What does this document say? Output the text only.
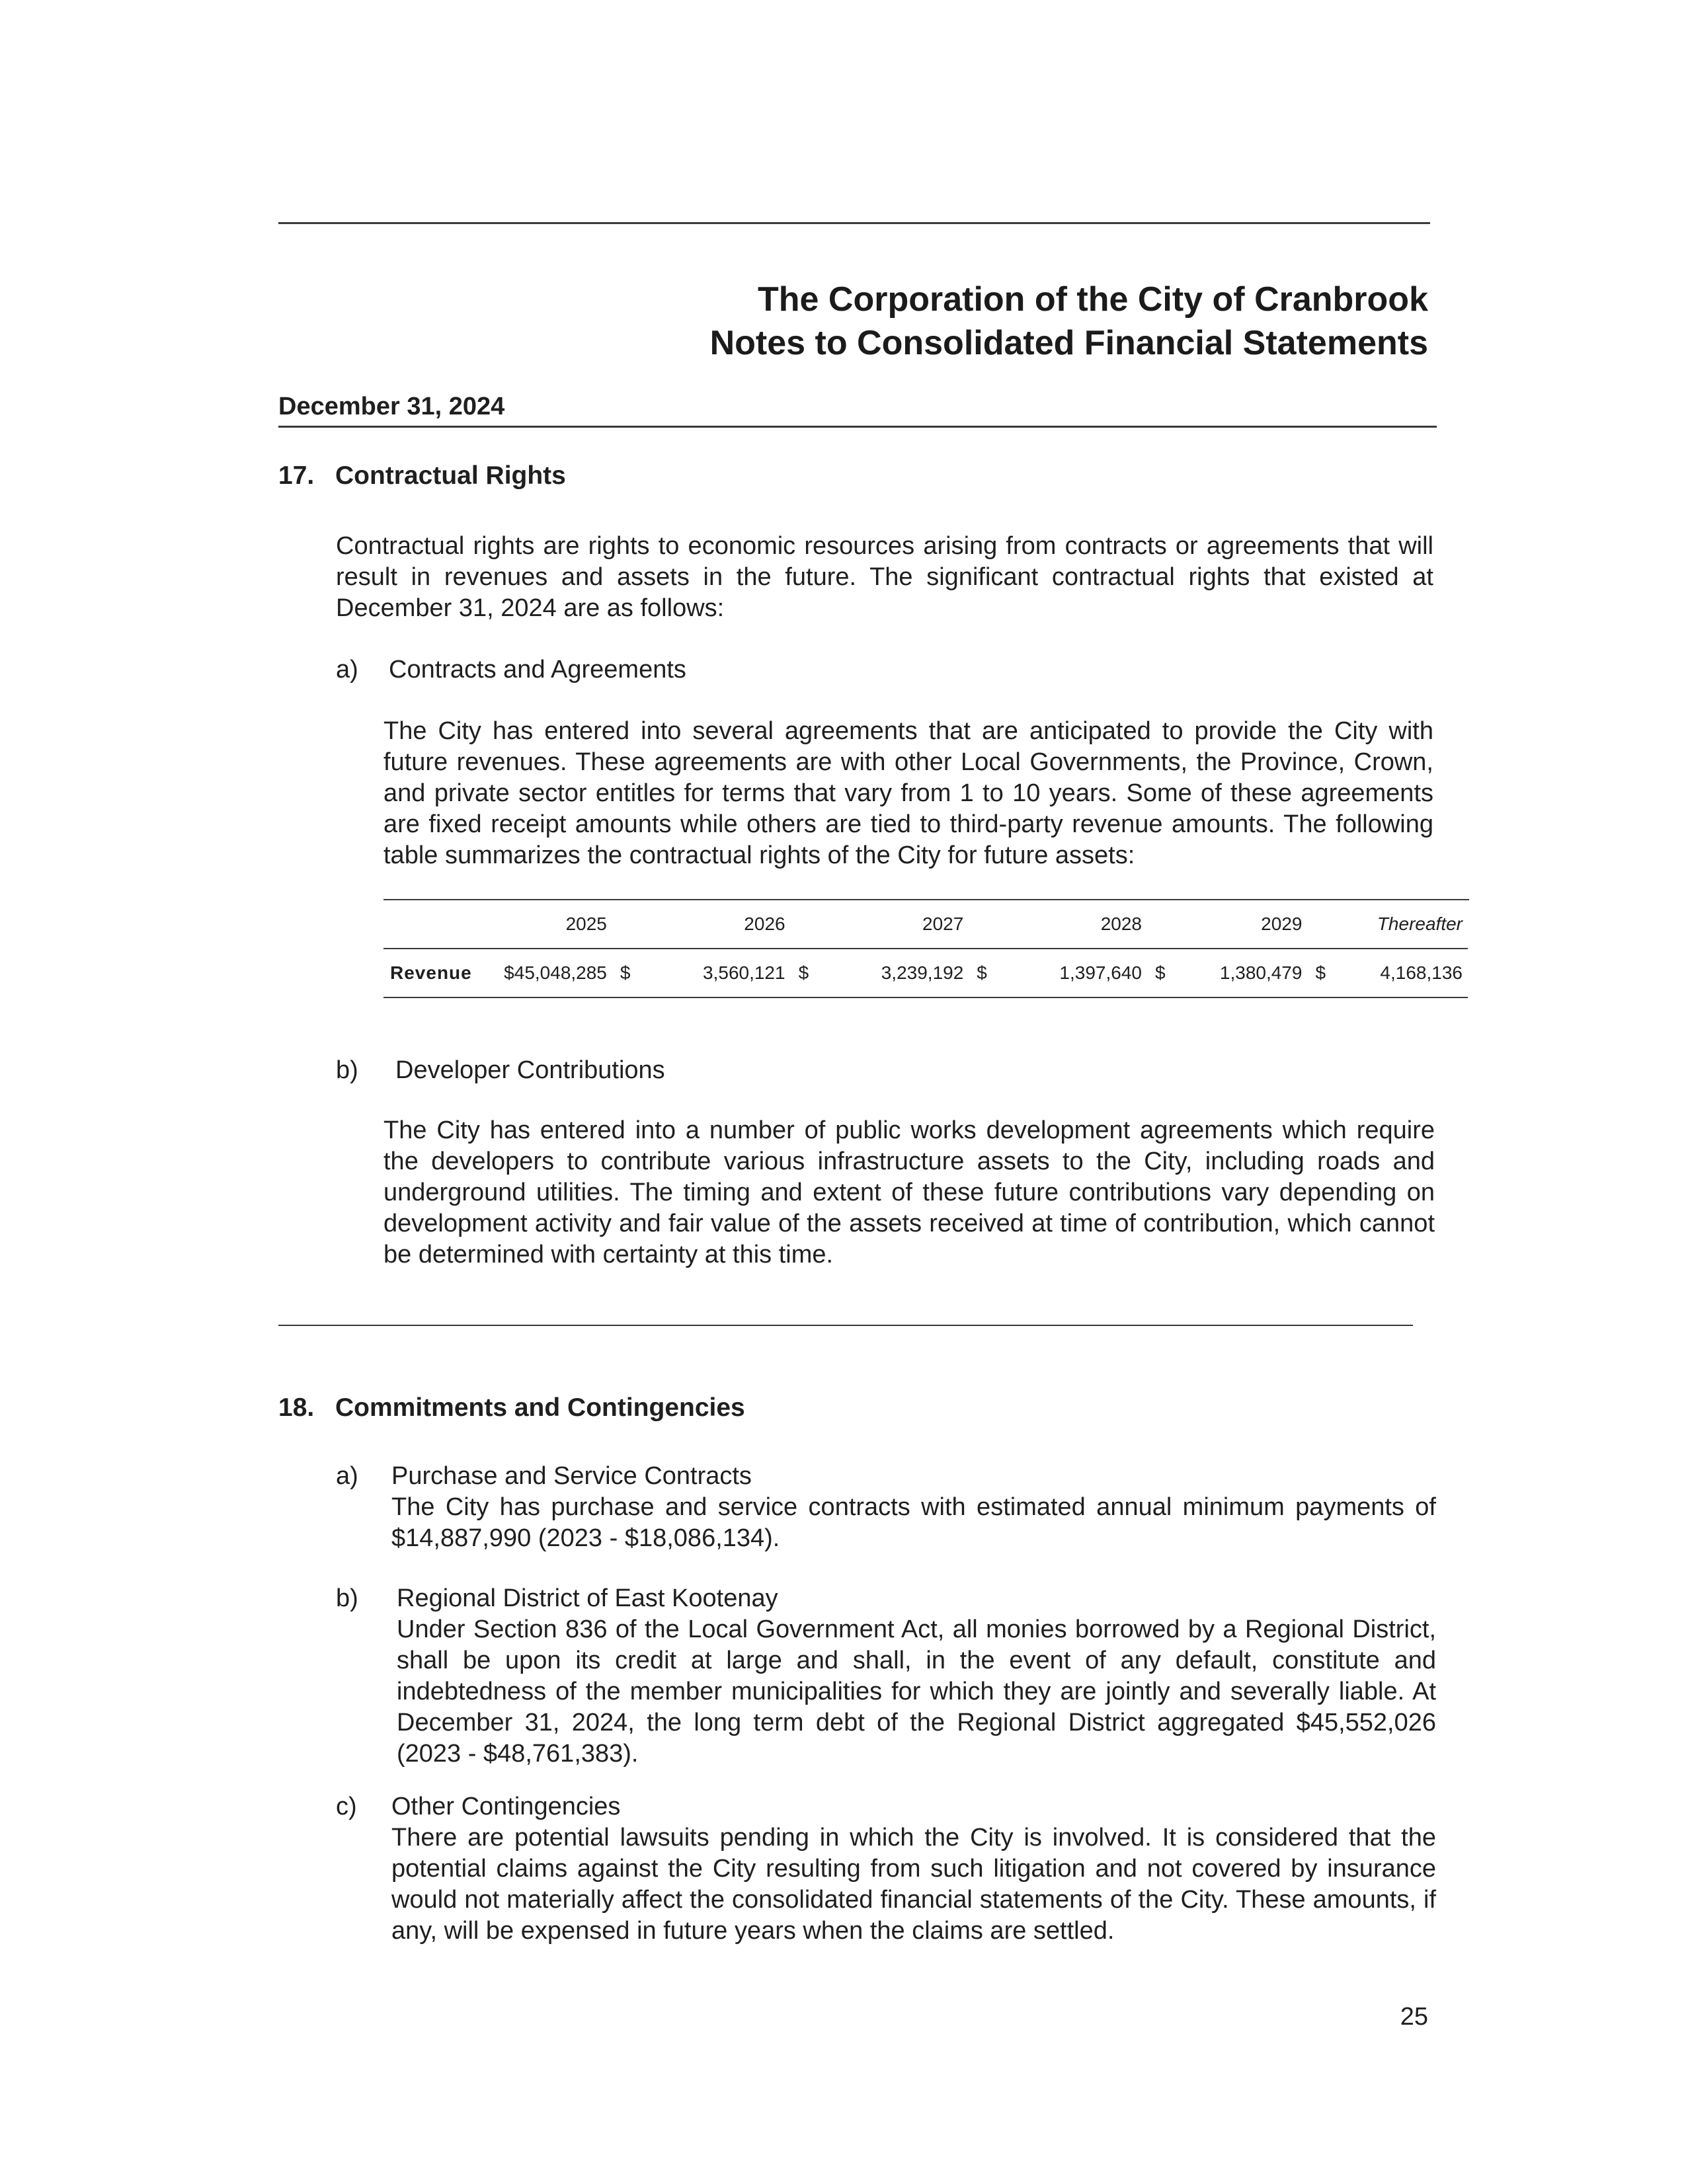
The Corporation of the City of Cranbrook
Notes to Consolidated Financial Statements
December 31, 2024
17. Contractual Rights
Contractual rights are rights to economic resources arising from contracts or agreements that will result in revenues and assets in the future. The significant contractual rights that existed at December 31, 2024 are as follows:
a) Contracts and Agreements
The City has entered into several agreements that are anticipated to provide the City with future revenues. These agreements are with other Local Governments, the Province, Crown, and private sector entitles for terms that vary from 1 to 10 years. Some of these agreements are fixed receipt amounts while others are tied to third-party revenue amounts. The following table summarizes the contractual rights of the City for future assets:
	2025	2026		2027		2028		2029		Thereafter	
Revenue	$45,048,285	$	3,560,121	$	3,239,192	$	1,397,640	$	1,380,479	$	4,168,136
b) Developer Contributions
The City has entered into a number of public works development agreements which require the developers to contribute various infrastructure assets to the City, including roads and underground utilities. The timing and extent of these future contributions vary depending on development activity and fair value of the assets received at time of contribution, which cannot be determined with certainty at this time.
18. Commitments and Contingencies
a) Purchase and Service Contracts
The City has purchase and service contracts with estimated annual minimum payments of $14,887,990 (2023 - $18,086,134).
b) Regional District of East Kootenay
Under Section 836 of the Local Government Act, all monies borrowed by a Regional District, shall be upon its credit at large and shall, in the event of any default, constitute and indebtedness of the member municipalities for which they are jointly and severally liable. At December 31, 2024, the long term debt of the Regional District aggregated $45,552,026 (2023 - $48,761,383).
c) Other Contingencies
There are potential lawsuits pending in which the City is involved. It is considered that the potential claims against the City resulting from such litigation and not covered by insurance would not materially affect the consolidated financial statements of the City. These amounts, if any, will be expensed in future years when the claims are settled.
25
